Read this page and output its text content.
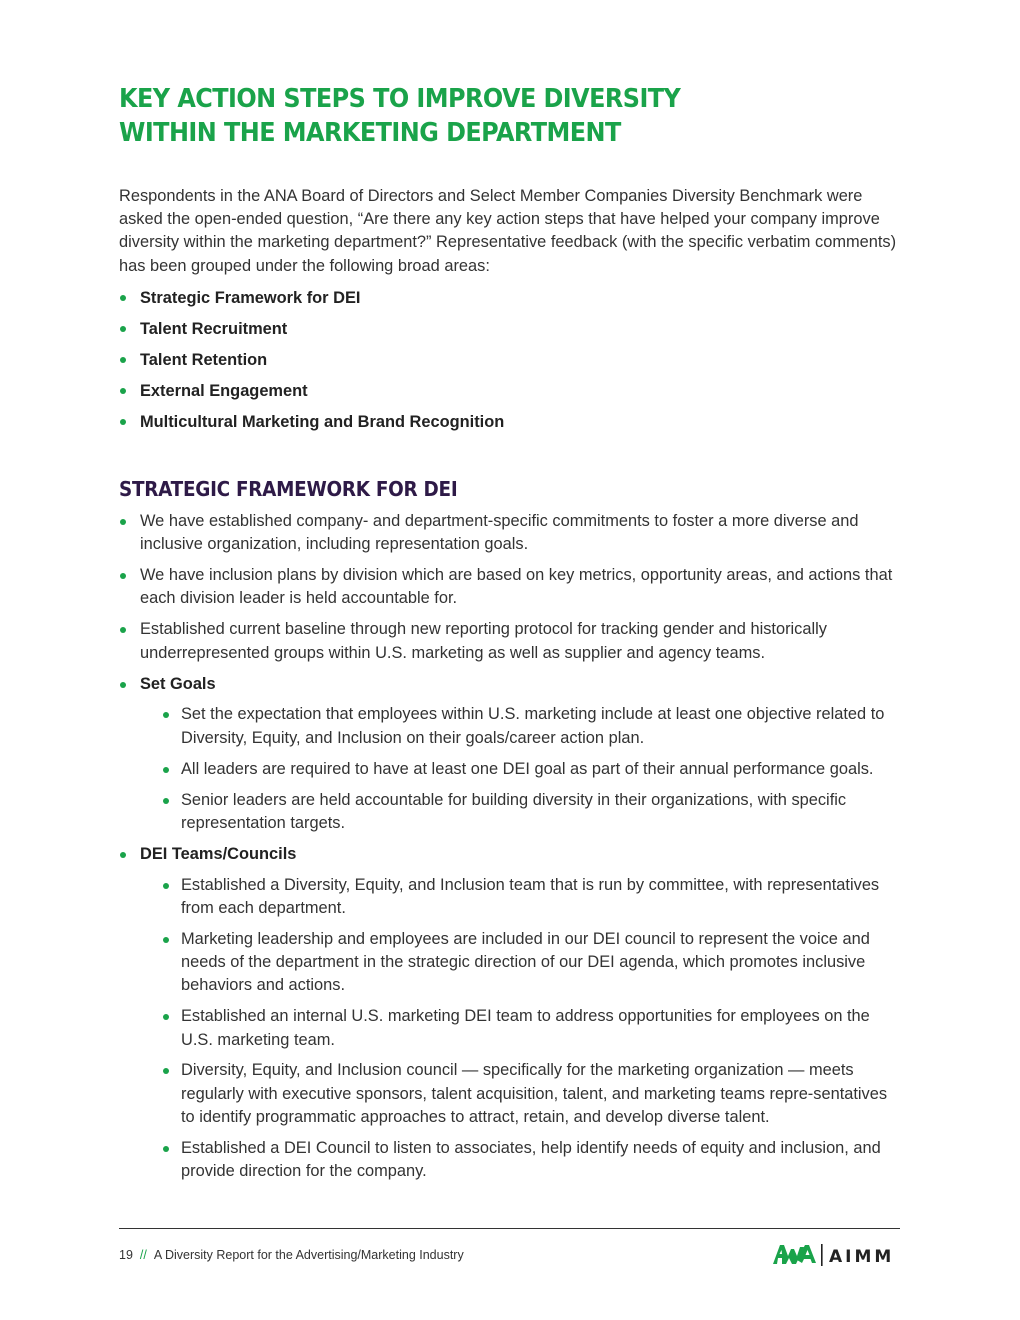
KEY ACTION STEPS TO IMPROVE DIVERSITY
WITHIN THE MARKETING DEPARTMENT

Respondents in the ANA Board of Directors and Select Member Companies Diversity Benchmark were asked the open-ended question, “Are there any key action steps that have helped your company improve diversity within the marketing department?” Representative feedback (with the specific verbatim comments) has been grouped under the following broad areas:

Strategic Framework for DEI
Talent Recruitment
Talent Retention
External Engagement
Multicultural Marketing and Brand Recognition
STRATEGIC FRAMEWORK FOR DEI
We have established company- and department-specific commitments to foster a more diverse and inclusive organization, including representation goals.
We have inclusion plans by division which are based on key metrics, opportunity areas, and actions that each division leader is held accountable for.
Established current baseline through new reporting protocol for tracking gender and historically underrepresented groups within U.S. marketing as well as supplier and agency teams.
Set Goals
Set the expectation that employees within U.S. marketing include at least one objective related to Diversity, Equity, and Inclusion on their goals/career action plan.
All leaders are required to have at least one DEI goal as part of their annual performance goals.
Senior leaders are held accountable for building diversity in their organizations, with specific representation targets.
DEI Teams/Councils
Established a Diversity, Equity, and Inclusion team that is run by committee, with representatives from each department.
Marketing leadership and employees are included in our DEI council to represent the voice and needs of the department in the strategic direction of our DEI agenda, which promotes inclusive behaviors and actions.
Established an internal U.S. marketing DEI team to address opportunities for employees on the U.S. marketing team.
Diversity, Equity, and Inclusion council — specifically for the marketing organization — meets regularly with executive sponsors, talent acquisition, talent, and marketing teams repre-sentatives to identify programmatic approaches to attract, retain, and develop diverse talent.
Established a DEI Council to listen to associates, help identify needs of equity and inclusion, and provide direction for the company.
19 // A Diversity Report for the Advertising/Marketing Industry	AIMM
